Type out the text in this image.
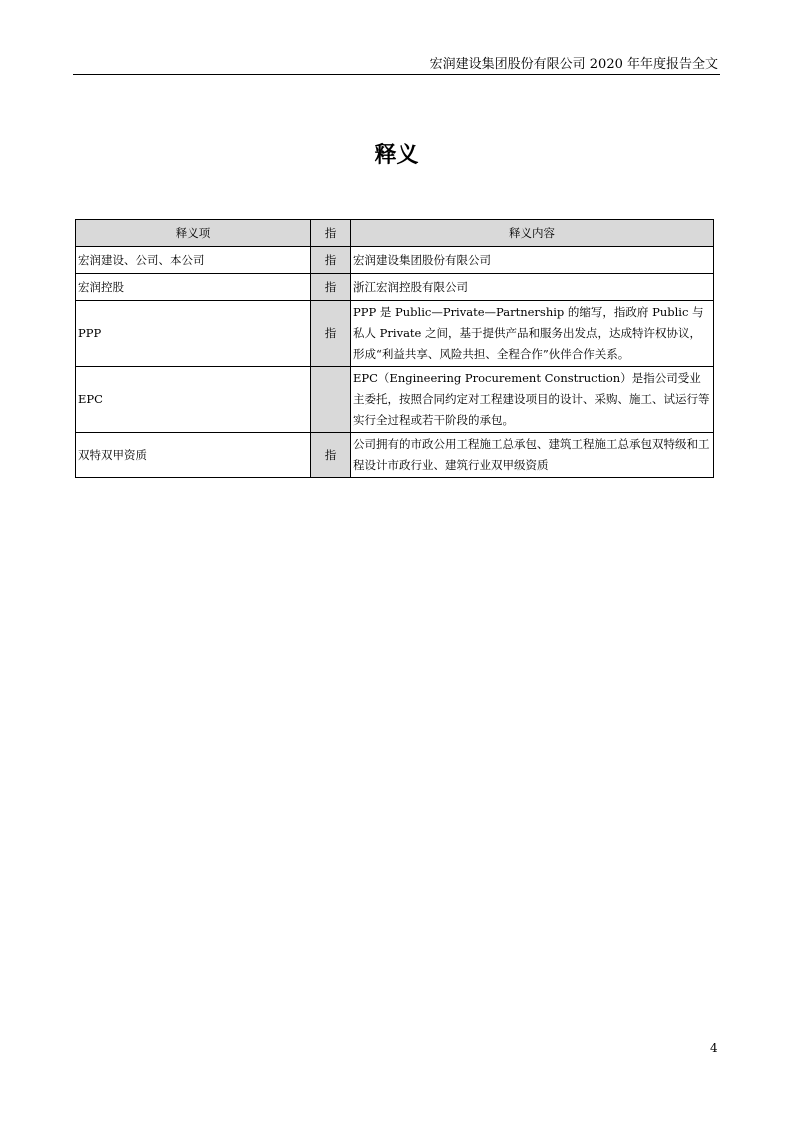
宏润建设集团股份有限公司 2020 年年度报告全文
释义
释义项	指	释义内容
宏润建设、公司、本公司	指	宏润建设集团股份有限公司
宏润控股	指	浙江宏润控股有限公司
PPP	指	PPP 是 Public—Private—Partnership 的缩写，指政府 Public 与私人 Private 之间，基于提供产品和服务出发点，达成特许权协议，形成“利益共享、风险共担、全程合作”伙伴合作关系。
EPC		EPC（Engineering Procurement Construction）是指公司受业主委托，按照合同约定对工程建设项目的设计、采购、施工、试运行等实行全过程或若干阶段的承包。
双特双甲资质	指	公司拥有的市政公用工程施工总承包、建筑工程施工总承包双特级和工程设计市政行业、建筑行业双甲级资质
4
